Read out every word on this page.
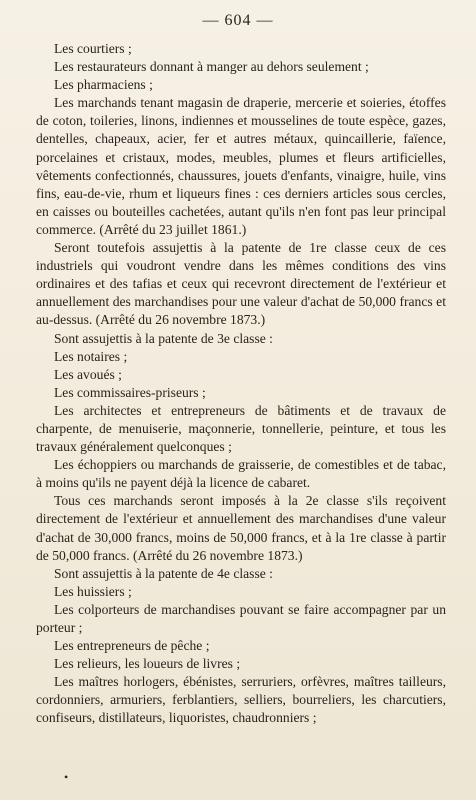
— 604 —

Les courtiers ;

Les restaurateurs donnant à manger au dehors seulement ;

Les pharmaciens ;

Les marchands tenant magasin de draperie, mercerie et soieries, étoffes de coton, toileries, linons, indiennes et mousselines de toute espèce, gazes, dentelles, chapeaux, acier, fer et autres métaux, quincaillerie, faïence, porcelaines et cristaux, modes, meubles, plumes et fleurs artificielles, vêtements confectionnés, chaussures, jouets d'enfants, vinaigre, huile, vins fins, eau-de-vie, rhum et liqueurs fines : ces derniers articles sous cercles, en caisses ou bouteilles cachetées, autant qu'ils n'en font pas leur principal commerce. (Arrêté du 23 juillet 1861.)

Seront toutefois assujettis à la patente de 1re classe ceux de ces industriels qui voudront vendre dans les mêmes conditions des vins ordinaires et des tafias et ceux qui recevront directement de l'extérieur et annuellement des marchandises pour une valeur d'achat de 50,000 francs et au-dessus. (Arrêté du 26 novembre 1873.)

Sont assujettis à la patente de 3e classe :

Les notaires ;

Les avoués ;

Les commissaires-priseurs ;

Les architectes et entrepreneurs de bâtiments et de travaux de charpente, de menuiserie, maçonnerie, tonnellerie, peinture, et tous les travaux généralement quelconques ;

Les échoppiers ou marchands de graisserie, de comestibles et de tabac, à moins qu'ils ne payent déjà la licence de cabaret.

Tous ces marchands seront imposés à la 2e classe s'ils reçoivent directement de l'extérieur et annuellement des marchandises d'une valeur d'achat de 30,000 francs, moins de 50,000 francs, et à la 1re classe à partir de 50,000 francs. (Arrêté du 26 novembre 1873.)

Sont assujettis à la patente de 4e classe :

Les huissiers ;

Les colporteurs de marchandises pouvant se faire accompagner par un porteur ;

Les entrepreneurs de pêche ;

Les relieurs, les loueurs de livres ;

Les maîtres horlogers, ébénistes, serruriers, orfèvres, maîtres tailleurs, cordonniers, armuriers, ferblantiers, selliers, bourreliers, les charcutiers, confiseurs, distillateurs, liquoristes, chaudronniers ;

•
